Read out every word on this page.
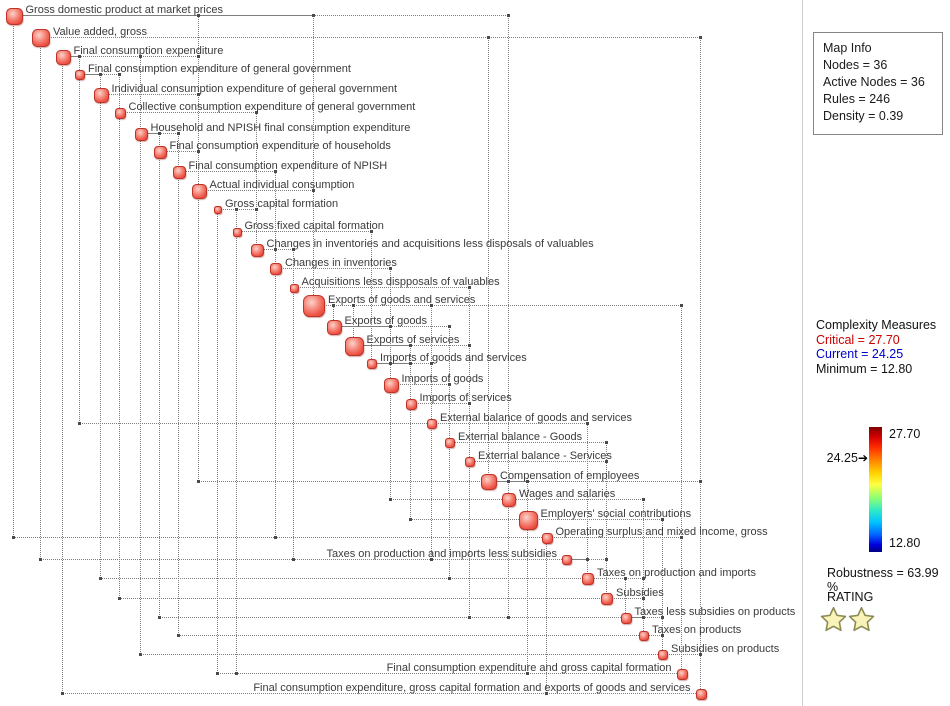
Gross domestic product at market prices
Value added, gross
Final consumption expenditure
Final consumption expenditure of general government
Individual consumption expenditure of general government
Collective consumption expenditure of general government
Household and NPISH final consumption expenditure
Final consumption expenditure of households
Final consumption expenditure of NPISH
Actual individual consumption
Gross capital formation
Gross fixed capital formation
Changes in inventories and acquisitions less disposals of valuables
Changes in inventories
Acquisitions less dispposals of valuables
Exports of goods and services
Exports of goods
Exports of services
Imports of goods and services
Imports of goods
Imports of services
External balance of goods and services
External balance - Goods
External balance - Services
Compensation of employees
Wages and salaries
Employers' social contributions
Operating surplus and mixed income, gross
Taxes on production and imports less subsidies
Taxes on production and imports
Subsidies
Taxes less subsidies on products
Taxes on products
Subsidies on products
Final consumption expenditure and gross capital formation
Final consumption expenditure, gross capital formation and exports of goods and services
Map Info
Nodes = 36
Active Nodes = 36
Rules = 246
Density = 0.39
Complexity Measures
Critical = 27.70
Current = 24.25
Minimum = 12.80
27.70
12.80
24.25➔
Robustness = 63.99 %
RATING
